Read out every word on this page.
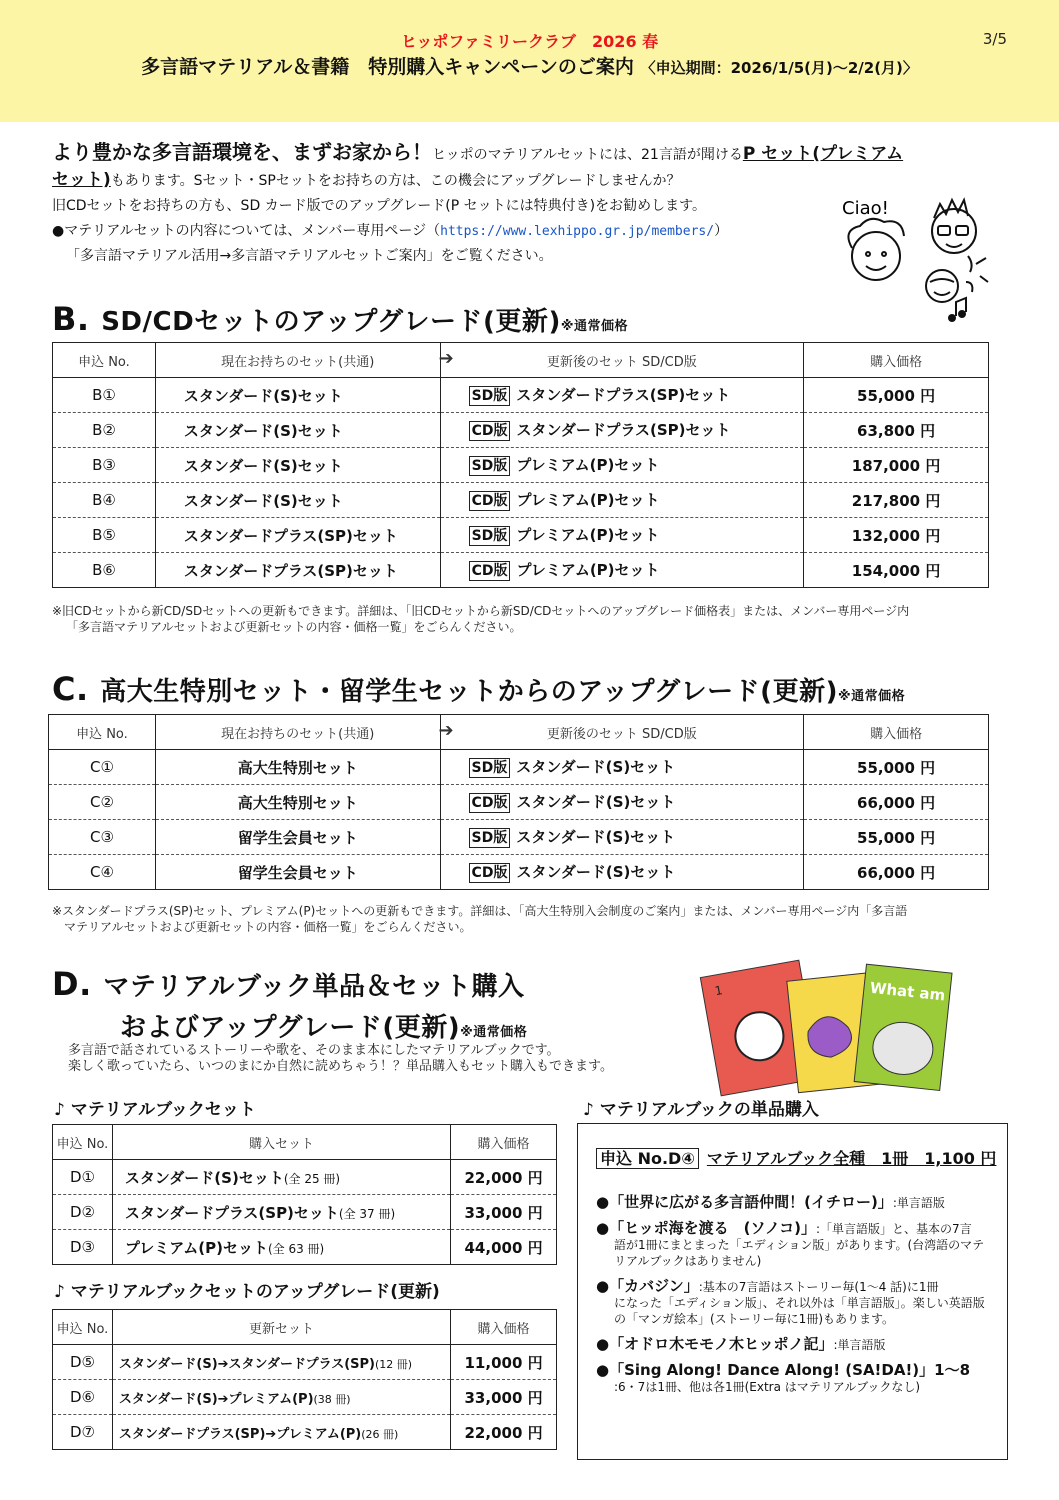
ヒッポファミリークラブ　2026 春	3/5
多言語マテリアル＆書籍　特別購入キャンペーンのご案内 〈申込期間：2026/1/5(月)～2/2(月)〉
より豊かな多言語環境を、まずお家から！ヒッポのマテリアルセットには、21言語が聞けるP セット(プレミアム
セット)もあります。Sセット・SPセットをお持ちの方は、この機会にアップグレードしませんか？
旧CDセットをお持ちの方も、SD カード版でのアップグレード(P セットには特典付き)をお勧めします。
●マテリアルセットの内容については、メンバー専用ページ（https://www.lexhippo.gr.jp/members/）
「多言語マテリアル活用→多言語マテリアルセットご案内」をご覧ください。
Ciao!
B. SD/CDセットのアップグレード(更新)※通常価格
申込 No.	現在お持ちのセット(共通)	➔ 更新後のセット SD/CD版	購入価格
B①	スタンダード(S)セット	SD版 スタンダードプラス(SP)セット	55,000 円
B②	スタンダード(S)セット	CD版 スタンダードプラス(SP)セット	63,800 円
B③	スタンダード(S)セット	SD版 プレミアム(P)セット	187,000 円
B④	スタンダード(S)セット	CD版 プレミアム(P)セット	217,800 円
B⑤	スタンダードプラス(SP)セット	SD版 プレミアム(P)セット	132,000 円
B⑥	スタンダードプラス(SP)セット	CD版 プレミアム(P)セット	154,000 円
※旧CDセットから新CD/SDセットへの更新もできます。詳細は、「旧CDセットから新SD/CDセットへのアップグレード価格表」または、メンバー専用ページ内
「多言語マテリアルセットおよび更新セットの内容・価格一覧」をごらんください。
C. 高大生特別セット・留学生セットからのアップグレード(更新)※通常価格
申込 No.	現在お持ちのセット(共通)	➔ 更新後のセット SD/CD版	購入価格
C①	高大生特別セット	SD版 スタンダード(S)セット	55,000 円
C②	高大生特別セット	CD版 スタンダード(S)セット	66,000 円
C③	留学生会員セット	SD版 スタンダード(S)セット	55,000 円
C④	留学生会員セット	CD版 スタンダード(S)セット	66,000 円
※スタンダードプラス(SP)セット、プレミアム(P)セットへの更新もできます。詳細は、「高大生特別入会制度のご案内」または、メンバー専用ページ内「多言語
マテリアルセットおよび更新セットの内容・価格一覧」をごらんください。
D. マテリアルブック単品＆セット購入
およびアップグレード(更新)※通常価格
多言語で話されているストーリーや歌を、そのまま本にしたマテリアルブックです。
楽しく歌っていたら、いつのまにか自然に読めちゃう！？単品購入もセット購入もできます。
1	What am I?
♪ マテリアルブックセット
申込 No.	購入セット	購入価格
D①	スタンダード(S)セット(全 25 冊)	22,000 円
D②	スタンダードプラス(SP)セット(全 37 冊)	33,000 円
D③	プレミアム(P)セット(全 63 冊)	44,000 円
♪ マテリアルブックセットのアップグレード(更新)
申込 No.	更新セット	購入価格
D⑤	スタンダード(S)➔スタンダードプラス(SP)(12 冊)	11,000 円
D⑥	スタンダード(S)➔プレミアム(P)(38 冊)	33,000 円
D⑦	スタンダードプラス(SP)➔プレミアム(P)(26 冊)	22,000 円
♪ マテリアルブックの単品購入
申込 No.D④ マテリアルブック全種　1冊　1,100 円
●「世界に広がる多言語仲間！(イチロー)」:単言語版
●「ヒッポ海を渡る　(ソノコ)」:「単言語版」と、基本の7言
語が1冊にまとまった「エディション版」があります。(台湾語のマテリアルブックはありません)
●「カバジン」:基本の7言語はストーリー毎(1～4 話)に1冊
になった「エディション版」、それ以外は「単言語版」。楽しい英語版の「マンガ絵本」(ストーリー毎に1冊)もあります。
●「オドロ木モモノ木ヒッポノ記」:単言語版
●「Sing Along! Dance Along! (SA!DA!)」1～8
:6・7は1冊、他は各1冊(Extra はマテリアルブックなし)
